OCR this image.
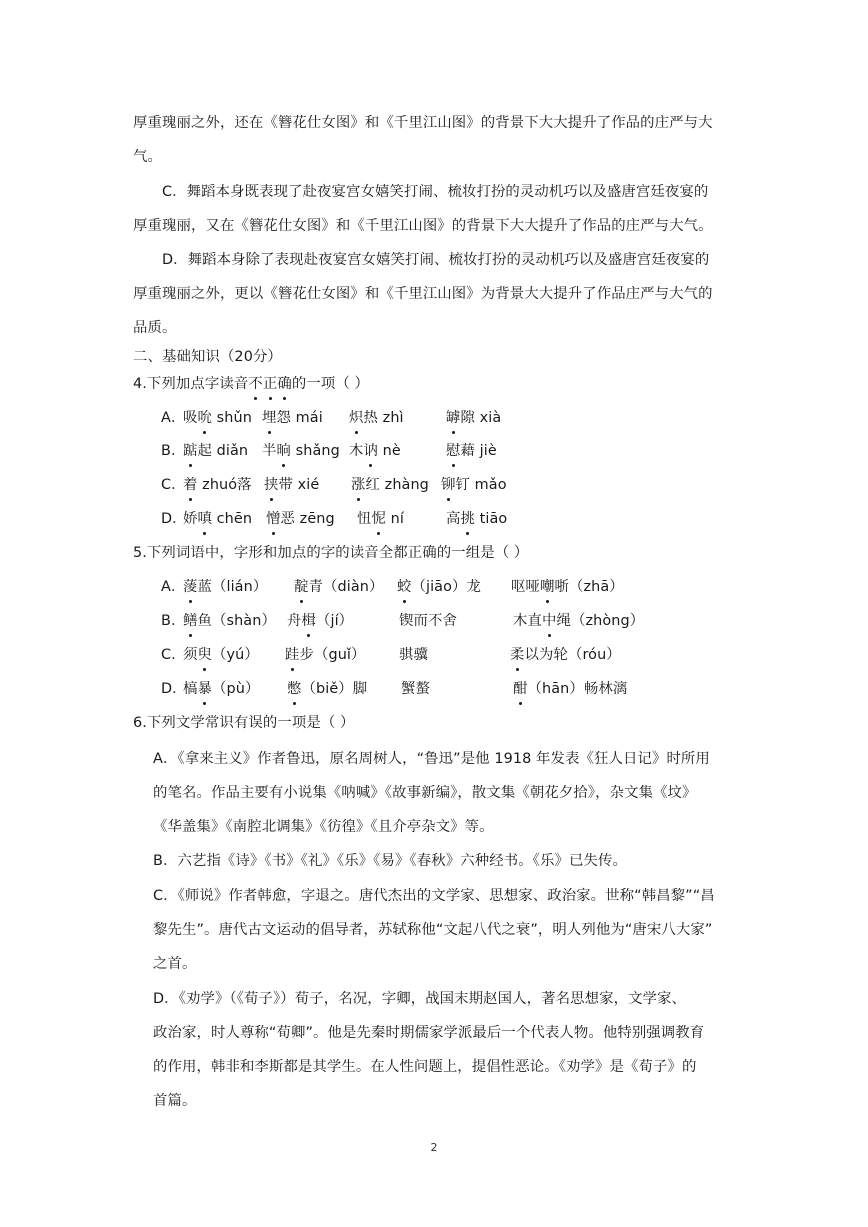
厚重瑰丽之外，还在《簪花仕女图》和《千里江山图》的背景下大大提升了作品的庄严与大
气。
C．舞蹈本身既表现了赴夜宴宫女嬉笑打闹、梳妆打扮的灵动机巧以及盛唐宫廷夜宴的
厚重瑰丽，又在《簪花仕女图》和《千里江山图》的背景下大大提升了作品的庄严与大气。
D．舞蹈本身除了表现赴夜宴宫女嬉笑打闹、梳妆打扮的灵动机巧以及盛唐宫廷夜宴的
厚重瑰丽之外，更以《簪花仕女图》和《千里江山图》为背景大大提升了作品庄严与大气的
品质。
二、基础知识（20分）
4.下列加点字读音不正确的一项（ ）
A．
吸吮 shǔn 埋怨 mái 炽热 zhì	罅隙 xià
B．
踮起 diǎn 半晌 shǎng 木讷 nè	慰藉 jiè
C．
着 zhuó落 挟带 xié 涨红 zhàng 铆钉 mǎo
D．
娇嗔 chēn 憎恶 zēng 忸怩 ní	高挑 tiāo
5.下列词语中，字形和加点的字的读音全都正确的一组是（ ）
A．
蔆蓝（lián） 靛青（diàn） 蛟（jiāo）龙 呕哑嘲哳（zhā）
B．
鳝鱼（shàn） 舟楫（jí）	锲而不舍	木直中绳（zhòng）
C．
须臾（yú） 跬步（guǐ） 骐骥	柔以为轮（róu）
D．
槁暴（pù） 憋（biě）脚 蟹螯	酣（hān）畅林漓
6.下列文学常识有误的一项是（ ）
A．《拿来主义》作者鲁迅，原名周树人，“鲁迅”是他 1918 年发表《狂人日记》时所用
的笔名。作品主要有小说集《呐喊》《故事新编》，散文集《朝花夕拾》，杂文集《坟》
《华盖集》《南腔北调集》《彷徨》《且介亭杂文》等。
B．六艺指《诗》《书》《礼》《乐》《易》《春秋》六种经书。《乐》已失传。
C．《师说》作者韩愈，字退之。唐代杰出的文学家、思想家、政治家。世称“韩昌黎”“昌
黎先生”。唐代古文运动的倡导者，苏轼称他“文起八代之衰”，明人列他为“唐宋八大家”
之首。
D．《劝学》（《荀子》）荀子，名况，字卿，战国末期赵国人，著名思想家，文学家、
政治家，时人尊称“荀卿”。他是先秦时期儒家学派最后一个代表人物。他特别强调教育
的作用，韩非和李斯都是其学生。在人性问题上，提倡性恶论。《劝学》是《荀子》的
首篇。
2
